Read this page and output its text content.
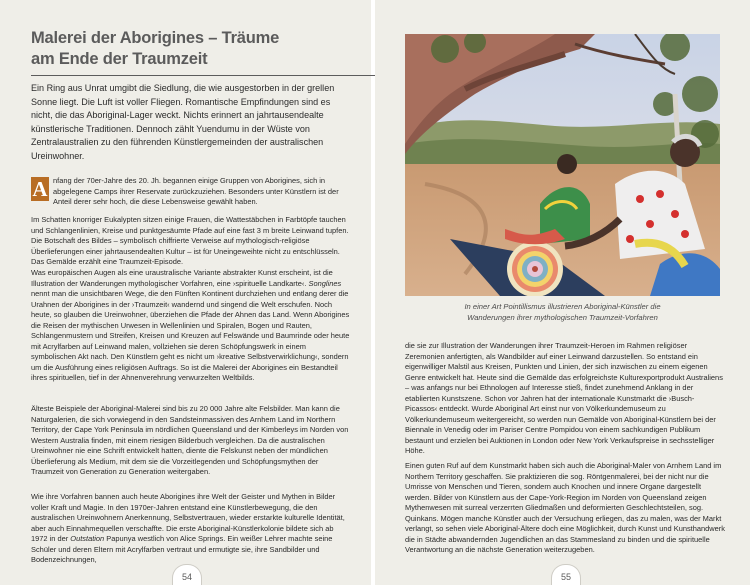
Malerei der Aborigines – Träume
am Ende der Traumzeit

Ein Ring aus Unrat umgibt die Siedlung, die wie ausgestorben in der grellen Sonne liegt. Die Luft ist voller Fliegen. Romantische Empfindungen sind es nicht, die das Aboriginal-Lager weckt. Nichts erinnert an jahrtausendealte künstlerische Traditionen. Dennoch zählt Yuendumu in der Wüste von Zentralaustralien zu den führenden Künstlergemeinden der australischen Ureinwohner.

A nfang der 70er-Jahre des 20. Jh. begannen einige Gruppen von Aborigines, sich in abgelegene Camps ihrer Reservate zurückzuziehen. Besonders unter Künstlern ist der Anteil derer sehr hoch, die diese Lebensweise gewählt haben.

Im Schatten knorriger Eukalypten sitzen einige Frauen, die Wattestäbchen in Farbtöpfe tauchen und Schlangenlinien, Kreise und punktgesäumte Pfade auf eine fast 3 m breite Leinwand tupfen. Die Botschaft des Bildes – symbolisch chiffrierte Verweise auf mythologisch-religiöse Überlieferungen einer jahrtausendealten Kultur – ist für Uneingeweihte nicht zu entschlüsseln. Das Gemälde erzählt eine Traumzeit-Episode.

Was europäischen Augen als eine uraustralische Variante abstrakter Kunst erscheint, ist die Illustration der Wanderungen mythologischer Vorfahren, eine ›spirituelle Landkarte‹. Songlines nennt man die unsichtbaren Wege, die den Fünften Kontinent durchziehen und entlang derer die Urahnen der Aborigines in der ›Traumzeit‹ wandernd und singend die Welt erschufen. Noch heute, so glauben die Ureinwohner, überziehen die Pfade der Ahnen das Land. Wenn Aborigines die Reisen der mythischen Urwesen in Wellenlinien und Spiralen, Bogen und Rauten, Schlangenmustern und Streifen, Kreisen und Kreuzen auf Felswände und Baumrinde oder heute mit Acrylfarben auf Leinwand malen, vollziehen sie deren Schöpfungswerk in einem symbolischen Akt nach. Den Künstlern geht es nicht um ›kreative Selbstverwirklichung‹, sondern um die Ausführung eines religiösen Auftrags. So ist die Malerei der Aborigines ein Bestandteil ihres spirituellen, tief in der Ahnenverehrung verwurzelten Weltbilds.

Älteste Beispiele der Aboriginal-Malerei sind bis zu 20 000 Jahre alte Felsbilder. Man kann die Naturgalerien, die sich vorwiegend in den Sandsteinmassiven des Arnhem Land im Northern Territory, der Cape York Peninsula im nördlichen Queensland und der Kimberleys im Norden von Western Australia finden, mit einem riesigen Bilderbuch vergleichen. Da die australischen Ureinwohner nie eine Schrift entwickelt hatten, diente die Felskunst neben der mündlichen Überlieferung als Medium, mit dem sie die Vorzeitlegenden und Schöpfungsmythen der Traumzeit von Generation zu Generation weitergaben.

Wie ihre Vorfahren bannen auch heute Aborigines ihre Welt der Geister und Mythen in Bilder voller Kraft und Magie. In den 1970er-Jahren entstand eine Künstlerbewegung, die den australischen Ureinwohnern Anerkennung, Selbstvertrauen, wieder erstarkte kulturelle Identität, aber auch Einnahmequellen verschaffte. Die erste Aboriginal-Künstlerkolonie bildete sich ab 1972 in der Outstation Papunya westlich von Alice Springs. Ein weißer Lehrer machte seine Schüler und deren Eltern mit Acrylfarben vertraut und ermutigte sie, ihre Sandbilder und Bodenzeichnungen,

54

In einer Art Pointillismus illustrieren Aboriginal-Künstler die
Wanderungen ihrer mythologischen Traumzeit-Vorfahren

die sie zur Illustration der Wanderungen ihrer Traumzeit-Heroen im Rahmen religiöser Zeremonien anfertigten, als Wandbilder auf einer Leinwand darzustellen. So entstand ein eigenwilliger Malstil aus Kreisen, Punkten und Linien, der sich inzwischen zu einem eigenen Genre entwickelt hat. Heute sind die Gemälde das erfolgreichste Kulturexportprodukt Australiens – was anfangs nur bei Ethnologen auf Interesse stieß, findet zunehmend Anklang in der etablierten Kunstszene. Schon vor Jahren hat der internationale Kunstmarkt die ›Busch-Picassos‹ entdeckt. Wurde Aboriginal Art einst nur von Völkerkundemuseum zu Völkerkundemuseum weitergereicht, so werden nun Gemälde von Aboriginal-Künstlern bei der Biennale in Venedig oder im Pariser Centre Pompidou von einem sachkundigen Publikum bestaunt und erzielen bei Auktionen in London oder New York Verkaufspreise in sechsstelliger Höhe.

Einen guten Ruf auf dem Kunstmarkt haben sich auch die Aboriginal-Maler von Arnhem Land im Northern Territory geschaffen. Sie praktizieren die sog. Röntgenmalerei, bei der nicht nur die Umrisse von Menschen und Tieren, sondern auch Knochen und innere Organe dargestellt werden. Bilder von Künstlern aus der Cape-York-Region im Norden von Queensland zeigen Mythenwesen mit surreal verzerrten Gliedmaßen und deformierten Geschlechtsteilen, sog. Quinkans. Mögen manche Künstler auch der Versuchung erliegen, das zu malen, was der Markt verlangt, so sehen viele Aboriginal-Ältere doch eine Möglichkeit, durch Kunst und Kunsthandwerk die in Städte abwandernden Jugendlichen an das Stammesland zu binden und die spirituelle Verantwortung an die nächste Generation weiterzugeben.

55
